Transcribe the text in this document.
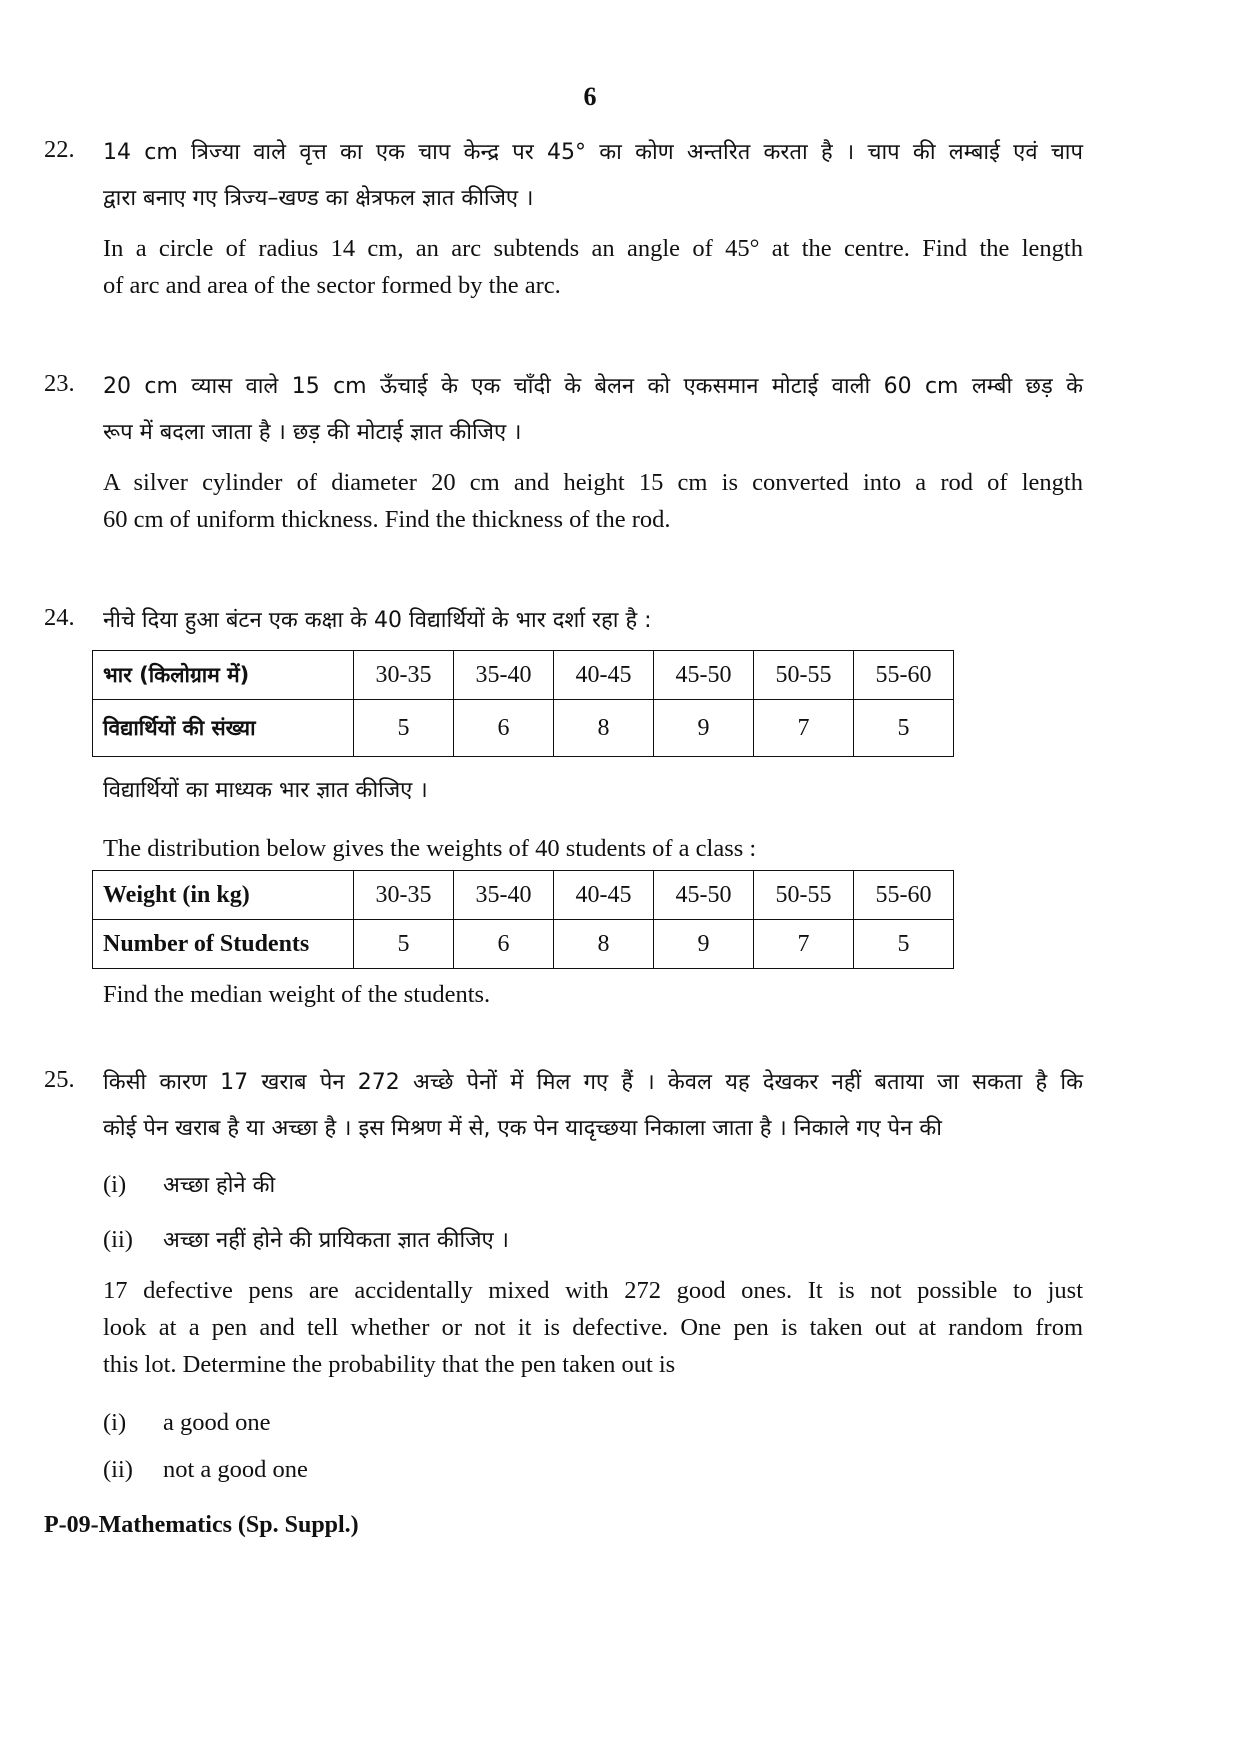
6
22. 14 cm त्रिज्या वाले वृत्त का एक चाप केन्द्र पर 45° का कोण अन्तरित करता है । चाप की लम्बाई एवं चाप
द्वारा बनाए गए त्रिज्य–खण्ड का क्षेत्रफल ज्ञात कीजिए ।
In a circle of radius 14 cm, an arc subtends an angle of 45° at the centre. Find the length
of arc and area of the sector formed by the arc.
23. 20 cm व्यास वाले 15 cm ऊँचाई के एक चाँदी के बेलन को एकसमान मोटाई वाली 60 cm लम्बी छड़ के
रूप में बदला जाता है । छड़ की मोटाई ज्ञात कीजिए ।
A silver cylinder of diameter 20 cm and height 15 cm is converted into a rod of length
60 cm of uniform thickness. Find the thickness of the rod.
24. नीचे दिया हुआ बंटन एक कक्षा के 40 विद्यार्थियों के भार दर्शा रहा है :
भार (किलोग्राम में)	30-35	35-40	40-45	45-50	50-55	55-60
विद्यार्थियों की संख्या	5	6	8	9	7	5
विद्यार्थियों का माध्यक भार ज्ञात कीजिए ।
The distribution below gives the weights of 40 students of a class :
Weight (in kg)	30-35	35-40	40-45	45-50	50-55	55-60
Number of Students	5	6	8	9	7	5
Find the median weight of the students.
25. किसी कारण 17 खराब पेन 272 अच्छे पेनों में मिल गए हैं । केवल यह देखकर नहीं बताया जा सकता है कि
कोई पेन खराब है या अच्छा है । इस मिश्रण में से, एक पेन यादृच्छया निकाला जाता है । निकाले गए पेन की
(i) अच्छा होने की
(ii) अच्छा नहीं होने की प्रायिकता ज्ञात कीजिए ।
17 defective pens are accidentally mixed with 272 good ones. It is not possible to just
look at a pen and tell whether or not it is defective. One pen is taken out at random from
this lot. Determine the probability that the pen taken out is
(i) a good one
(ii) not a good one
P-09-Mathematics (Sp. Suppl.)
